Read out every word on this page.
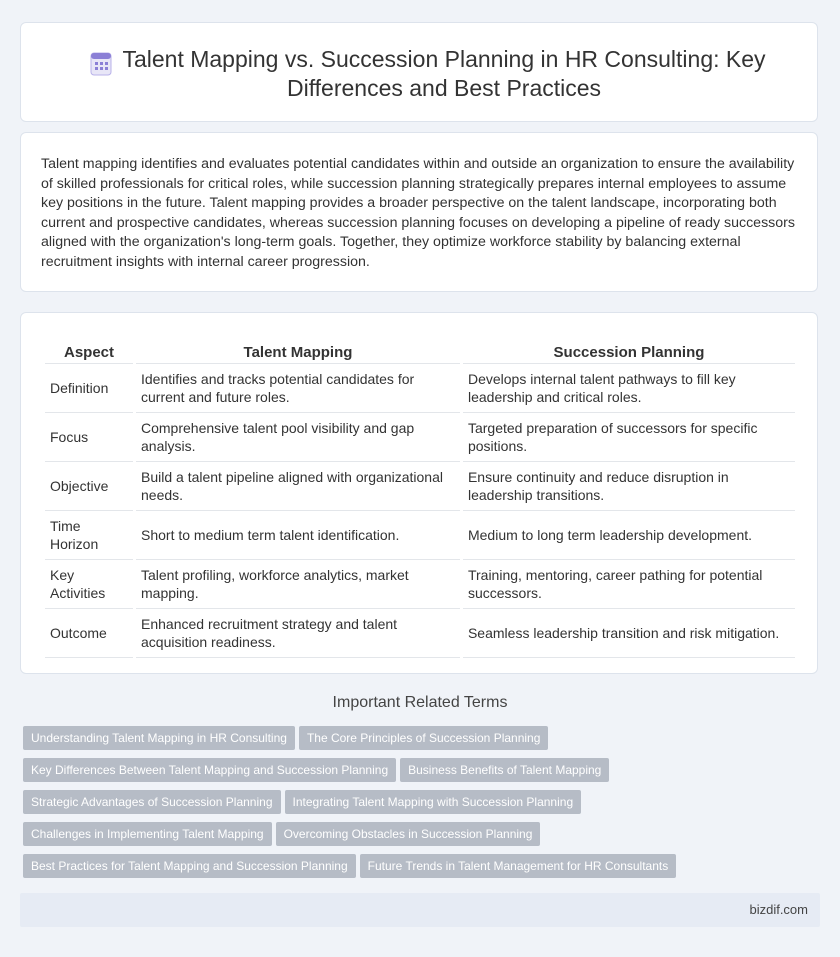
Talent Mapping vs. Succession Planning in HR Consulting: Key Differences and Best Practices

Talent mapping identifies and evaluates potential candidates within and outside an organization to ensure the availability of skilled professionals for critical roles, while succession planning strategically prepares internal employees to assume key positions in the future. Talent mapping provides a broader perspective on the talent landscape, incorporating both current and prospective candidates, whereas succession planning focuses on developing a pipeline of ready successors aligned with the organization's long-term goals. Together, they optimize workforce stability by balancing external recruitment insights with internal career progression.

Aspect	Talent Mapping	Succession Planning
Definition	Identifies and tracks potential candidates for current and future roles.	Develops internal talent pathways to fill key leadership and critical roles.
Focus	Comprehensive talent pool visibility and gap analysis.	Targeted preparation of successors for specific positions.
Objective	Build a talent pipeline aligned with organizational needs.	Ensure continuity and reduce disruption in leadership transitions.
Time Horizon	Short to medium term talent identification.	Medium to long term leadership development.
Key Activities	Talent profiling, workforce analytics, market mapping.	Training, mentoring, career pathing for potential successors.
Outcome	Enhanced recruitment strategy and talent acquisition readiness.	Seamless leadership transition and risk mitigation.
Important Related Terms
Understanding Talent Mapping in HR Consulting The Core Principles of Succession Planning
Key Differences Between Talent Mapping and Succession Planning Business Benefits of Talent Mapping
Strategic Advantages of Succession Planning Integrating Talent Mapping with Succession Planning
Challenges in Implementing Talent Mapping Overcoming Obstacles in Succession Planning
Best Practices for Talent Mapping and Succession Planning Future Trends in Talent Management for HR Consultants
bizdif.com
